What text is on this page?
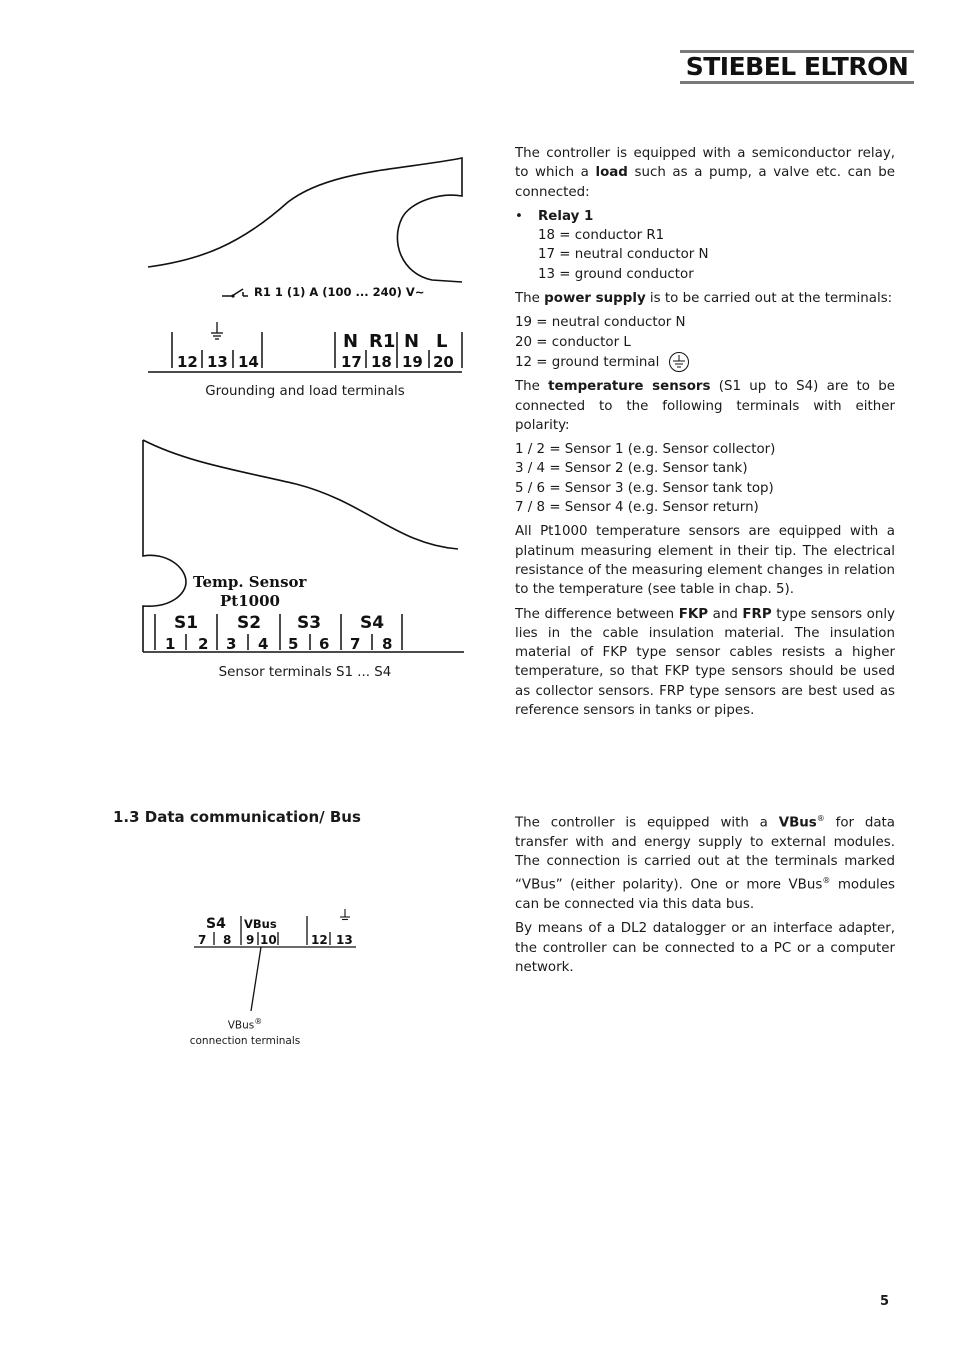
STIEBEL ELTRON
R1 1 (1) A (100 ... 240) V~
12 13 14
N R1 N L
17 18 19 20
Grounding and load terminals
Temp. Sensor
Pt1000
S1 S2 S3 S4
1 2 3 4 5 6 7 8
Sensor terminals S1 ... S4
1.3 Data communication/ Bus
S4 VBus
7 8 9 10	12 13
VBus®
connection terminals

The controller is equipped with a semiconductor relay, to which a load such as a pump, a valve etc. can be connected:

• Relay 1
18 = conductor R1
17 = neutral conductor N
13 = ground conductor

The power supply is to be carried out at the terminals:

19 = neutral conductor N
20 = conductor L
12 = ground terminal

The temperature sensors (S1 up to S4) are to be connected to the following terminals with either polarity:

1 / 2 = Sensor 1 (e.g. Sensor collector)
3 / 4 = Sensor 2 (e.g. Sensor tank)
5 / 6 = Sensor 3 (e.g. Sensor tank top)
7 / 8 = Sensor 4 (e.g. Sensor return)

All Pt1000 temperature sensors are equipped with a platinum measuring element in their tip. The electrical resistance of the measuring element changes in relation to the temperature (see table in chap. 5).

The difference between FKP and FRP type sensors only lies in the cable insulation material. The insulation material of FKP type sensor cables resists a higher temperature, so that FKP type sensors should be used as collector sensors. FRP type sensors are best used as reference sensors in tanks or pipes.

The controller is equipped with a VBus® for data transfer with and energy supply to external modules. The connection is carried out at the terminals marked “VBus” (either polarity). One or more VBus® modules can be connected via this data bus.

By means of a DL2 datalogger or an interface adapter, the controller can be connected to a PC or a computer network.

5
